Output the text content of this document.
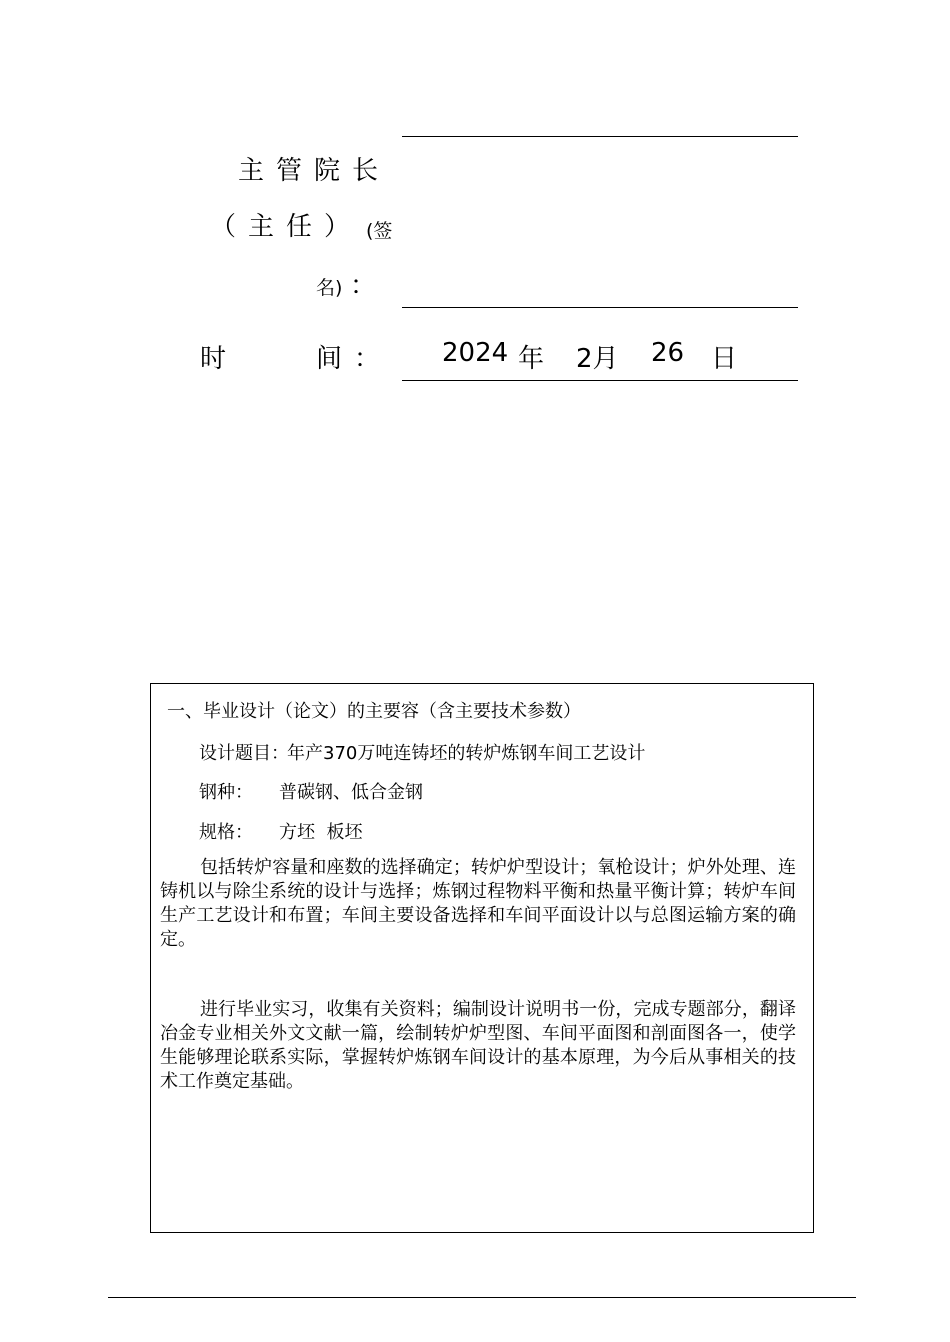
主管院长
（主任） (签
名) ：
时	间： 2024 年 2月 26 日
一、毕业设计（论文）的主要容（含主要技术参数）
设计题目：
年产370万吨连铸坯的转炉炼钢车间工艺设计
钢种： 普碳钢、低合金钢
规格： 方坯  板坯
包括转炉容量和座数的选择确定；转炉炉型设计；氧枪设计；炉外处理、连铸机以与除尘系统的设计与选择；炼钢过程物料平衡和热量平衡计算；转炉车间生产工艺设计和布置；车间主要设备选择和车间平面设计以与总图运输方案的确定。
进行毕业实习，收集有关资料；编制设计说明书一份，完成专题部分，翻译冶金专业相关外文文献一篇，绘制转炉炉型图、车间平面图和剖面图各一，使学生能够理论联系实际，掌握转炉炼钢车间设计的基本原理，为今后从事相关的技术工作奠定基础。
